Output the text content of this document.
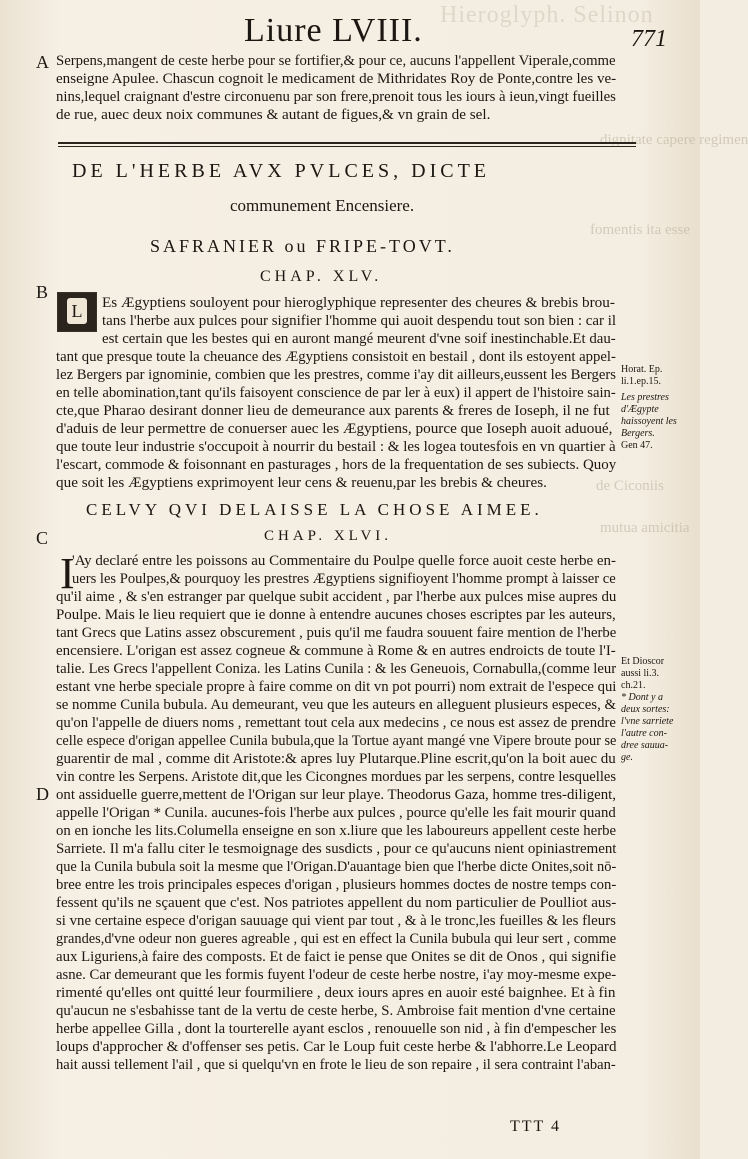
Hieroglyph. Selinon
dignitate capere regimen
fomentis ita esse
de Ciconiis
mutua amicitia
Liure LVIII.	771
A
B
C
D
Serpens,mangent de ceste herbe pour se fortifier,& pour ce, aucuns l'appellent Viperale,comme
enseigne Apulee. Chascun cognoit le medicament de Mithridates Roy de Ponte,contre les ve-
nins,lequel craignant d'estre circonuenu par son frere,prenoit tous les iours à ieun,vingt fueilles
de rue, auec deux noix communes & autant de figues,& vn grain de sel.
DE L'HERBE AVX PVLCES, DICTE
communement Encensiere.
SAFRANIER ou FRIPE-TOVT.
CHAP. XLV.
L Es Ægyptiens souloyent pour hieroglyphique representer des cheures & brebis brou-
tans l'herbe aux pulces pour signifier l'homme qui auoit despendu tout son bien : car il
est certain que les bestes qui en auront mangé meurent d'vne soif inestinchable.Et dau-
tant que presque toute la cheuance des Ægyptiens consistoit en bestail , dont ils estoyent appel-
lez Bergers par ignominie, combien que les prestres, comme i'ay dit ailleurs,eussent les Bergers
en telle abomination,tant qu'ils faisoyent conscience de par ler à eux) il appert de l'histoire sain-
cte,que Pharao desirant donner lieu de demeurance aux parents & freres de Ioseph, il ne fut
d'aduis de leur permettre de conuerser auec les Ægyptiens, pource que Ioseph auoit aduoué,
que toute leur industrie s'occupoit à nourrir du bestail : & les logea toutesfois en vn quartier à
l'escart, commode & foisonnant en pasturages , hors de la frequentation de ses subiects. Quoy
que soit les Ægyptiens exprimoyent leur cens & reuenu,par les brebis & cheures.
Horat. Ep.
li.1.ep.15.
Les prestres
d'Ægypte
haissoyent les
Bergers.
Gen 47.
CELVY QVI DELAISSE LA CHOSE AIMEE.
CHAP. XLVI.
I
'Ay declaré entre les poissons au Commentaire du Poulpe quelle force auoit ceste herbe en-
uers les Poulpes,& pourquoy les prestres Ægyptiens signifioyent l'homme prompt à laisser ce
qu'il aime , & s'en estranger par quelque subit accident , par l'herbe aux pulces mise aupres du
Poulpe. Mais le lieu requiert que ie donne à entendre aucunes choses escriptes par les auteurs,
tant Grecs que Latins assez obscurement , puis qu'il me faudra souuent faire mention de l'herbe
encensiere. L'origan est assez cogneue & commune à Rome & en autres endroicts de toute l'I-
talie. Les Grecs l'appellent Coniza. les Latins Cunila : & les Geneuois, Cornabulla,(comme leur
estant vne herbe speciale propre à faire comme on dit vn pot pourri) nom extrait de l'espece qui
se nomme Cunila bubula. Au demeurant, veu que les auteurs en alleguent plusieurs especes, &
qu'on l'appelle de diuers noms , remettant tout cela aux medecins , ce nous est assez de prendre
celle espece d'origan appellee Cunila bubula,que la Tortue ayant mangé vne Vipere broute pour se
guarentir de mal , comme dit Aristote:& apres luy Plutarque.Pline escrit,qu'on la boit auec du
vin contre les Serpens. Aristote dit,que les Cicongnes mordues par les serpens, contre lesquelles
ont assiduelle guerre,mettent de l'Origan sur leur playe. Theodorus Gaza, homme tres-diligent,
appelle l'Origan * Cunila. aucunes-fois l'herbe aux pulces , pource qu'elle les fait mourir quand
on en ionche les lits.Columella enseigne en son x.liure que les laboureurs appellent ceste herbe
Sarriete. Il m'a fallu citer le tesmoignage des susdicts , pour ce qu'aucuns nient opiniastrement
que la Cunila bubula soit la mesme que l'Origan.D'auantage bien que l'herbe dicte Onites,soit nō-
bree entre les trois principales especes d'origan , plusieurs hommes doctes de nostre temps con-
fessent qu'ils ne sçauent que c'est. Nos patriotes appellent du nom particulier de Poulliot aus-
si vne certaine espece d'origan sauuage qui vient par tout , & à le tronc,les fueilles & les fleurs
grandes,d'vne odeur non gueres agreable , qui est en effect la Cunila bubula qui leur sert , comme
aux Liguriens,à faire des composts. Et de faict ie pense que Onites se dit de Onos , qui signifie
asne. Car demeurant que les formis fuyent l'odeur de ceste herbe nostre, i'ay moy-mesme expe-
rimenté qu'elles ont quitté leur fourmiliere , deux iours apres en auoir esté baignhee. Et à fin
qu'aucun ne s'esbahisse tant de la vertu de ceste herbe, S. Ambroise fait mention d'vne certaine
herbe appellee Gilla , dont la tourterelle ayant esclos , renouuelle son nid , à fin d'empescher les
loups d'approcher & d'offenser ses petis. Car le Loup fuit ceste herbe & l'abhorre.Le Leopard
hait aussi tellement l'ail , que si quelqu'vn en frote le lieu de son repaire , il sera contraint l'aban-
Et Dioscor
aussi li.3.
ch.21.
* Dont y a
deux sortes:
l'vne sarriete
l'autre con-
dree sauua-
ge.
TTT 4
